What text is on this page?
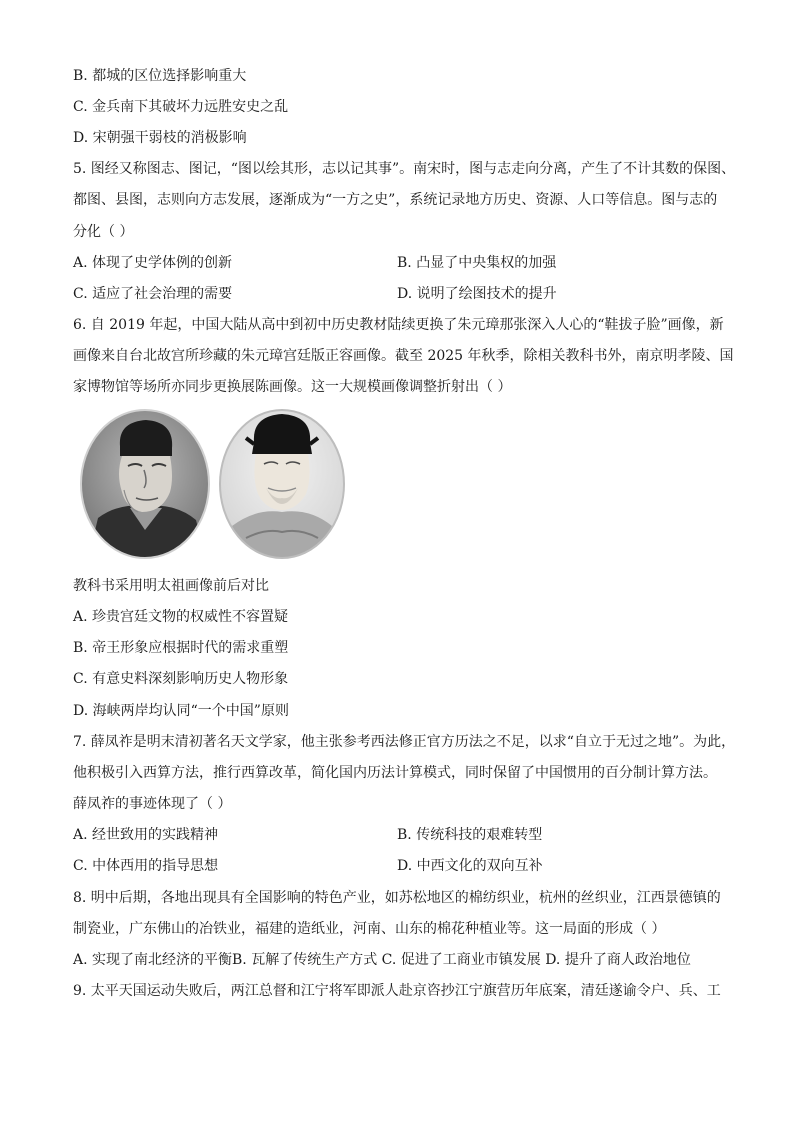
B. 都城的区位选择影响重大
C. 金兵南下其破坏力远胜安史之乱
D. 宋朝强干弱枝的消极影响
5. 图经又称图志、图记，“图以绘其形，志以记其事”。南宋时，图与志走向分离，产生了不计其数的保图、
都图、县图，志则向方志发展，逐渐成为“一方之史”，系统记录地方历史、资源、人口等信息。图与志的
分化（ ）
A. 体现了史学体例的创新	B. 凸显了中央集权的加强
C. 适应了社会治理的需要	D. 说明了绘图技术的提升
6. 自 2019 年起，中国大陆从高中到初中历史教材陆续更换了朱元璋那张深入人心的“鞋拔子脸”画像，新
画像来自台北故宫所珍藏的朱元璋宫廷版正容画像。截至 2025 年秋季，除相关教科书外，南京明孝陵、国
家博物馆等场所亦同步更换展陈画像。这一大规模画像调整折射出（ ）
教科书采用明太祖画像前后对比
A. 珍贵宫廷文物的权威性不容置疑
B. 帝王形象应根据时代的需求重塑
C. 有意史料深刻影响历史人物形象
D. 海峡两岸均认同“一个中国”原则
7. 薛凤祚是明末清初著名天文学家，他主张参考西法修正官方历法之不足，以求“自立于无过之地”。为此，
他积极引入西算方法，推行西算改革，简化国内历法计算模式，同时保留了中国惯用的百分制计算方法。
薛凤祚的事迹体现了（ ）
A. 经世致用的实践精神	B. 传统科技的艰难转型
C. 中体西用的指导思想	D. 中西文化的双向互补
8. 明中后期，各地出现具有全国影响的特色产业，如苏松地区的棉纺织业，杭州的丝织业，江西景德镇的
制瓷业，广东佛山的冶铁业，福建的造纸业，河南、山东的棉花种植业等。这一局面的形成（ ）
A. 实现了南北经济的平衡B. 瓦解了传统生产方式 C. 促进了工商业市镇发展 D. 提升了商人政治地位
9. 太平天国运动失败后，两江总督和江宁将军即派人赴京咨抄江宁旗营历年底案，清廷遂谕令户、兵、工
